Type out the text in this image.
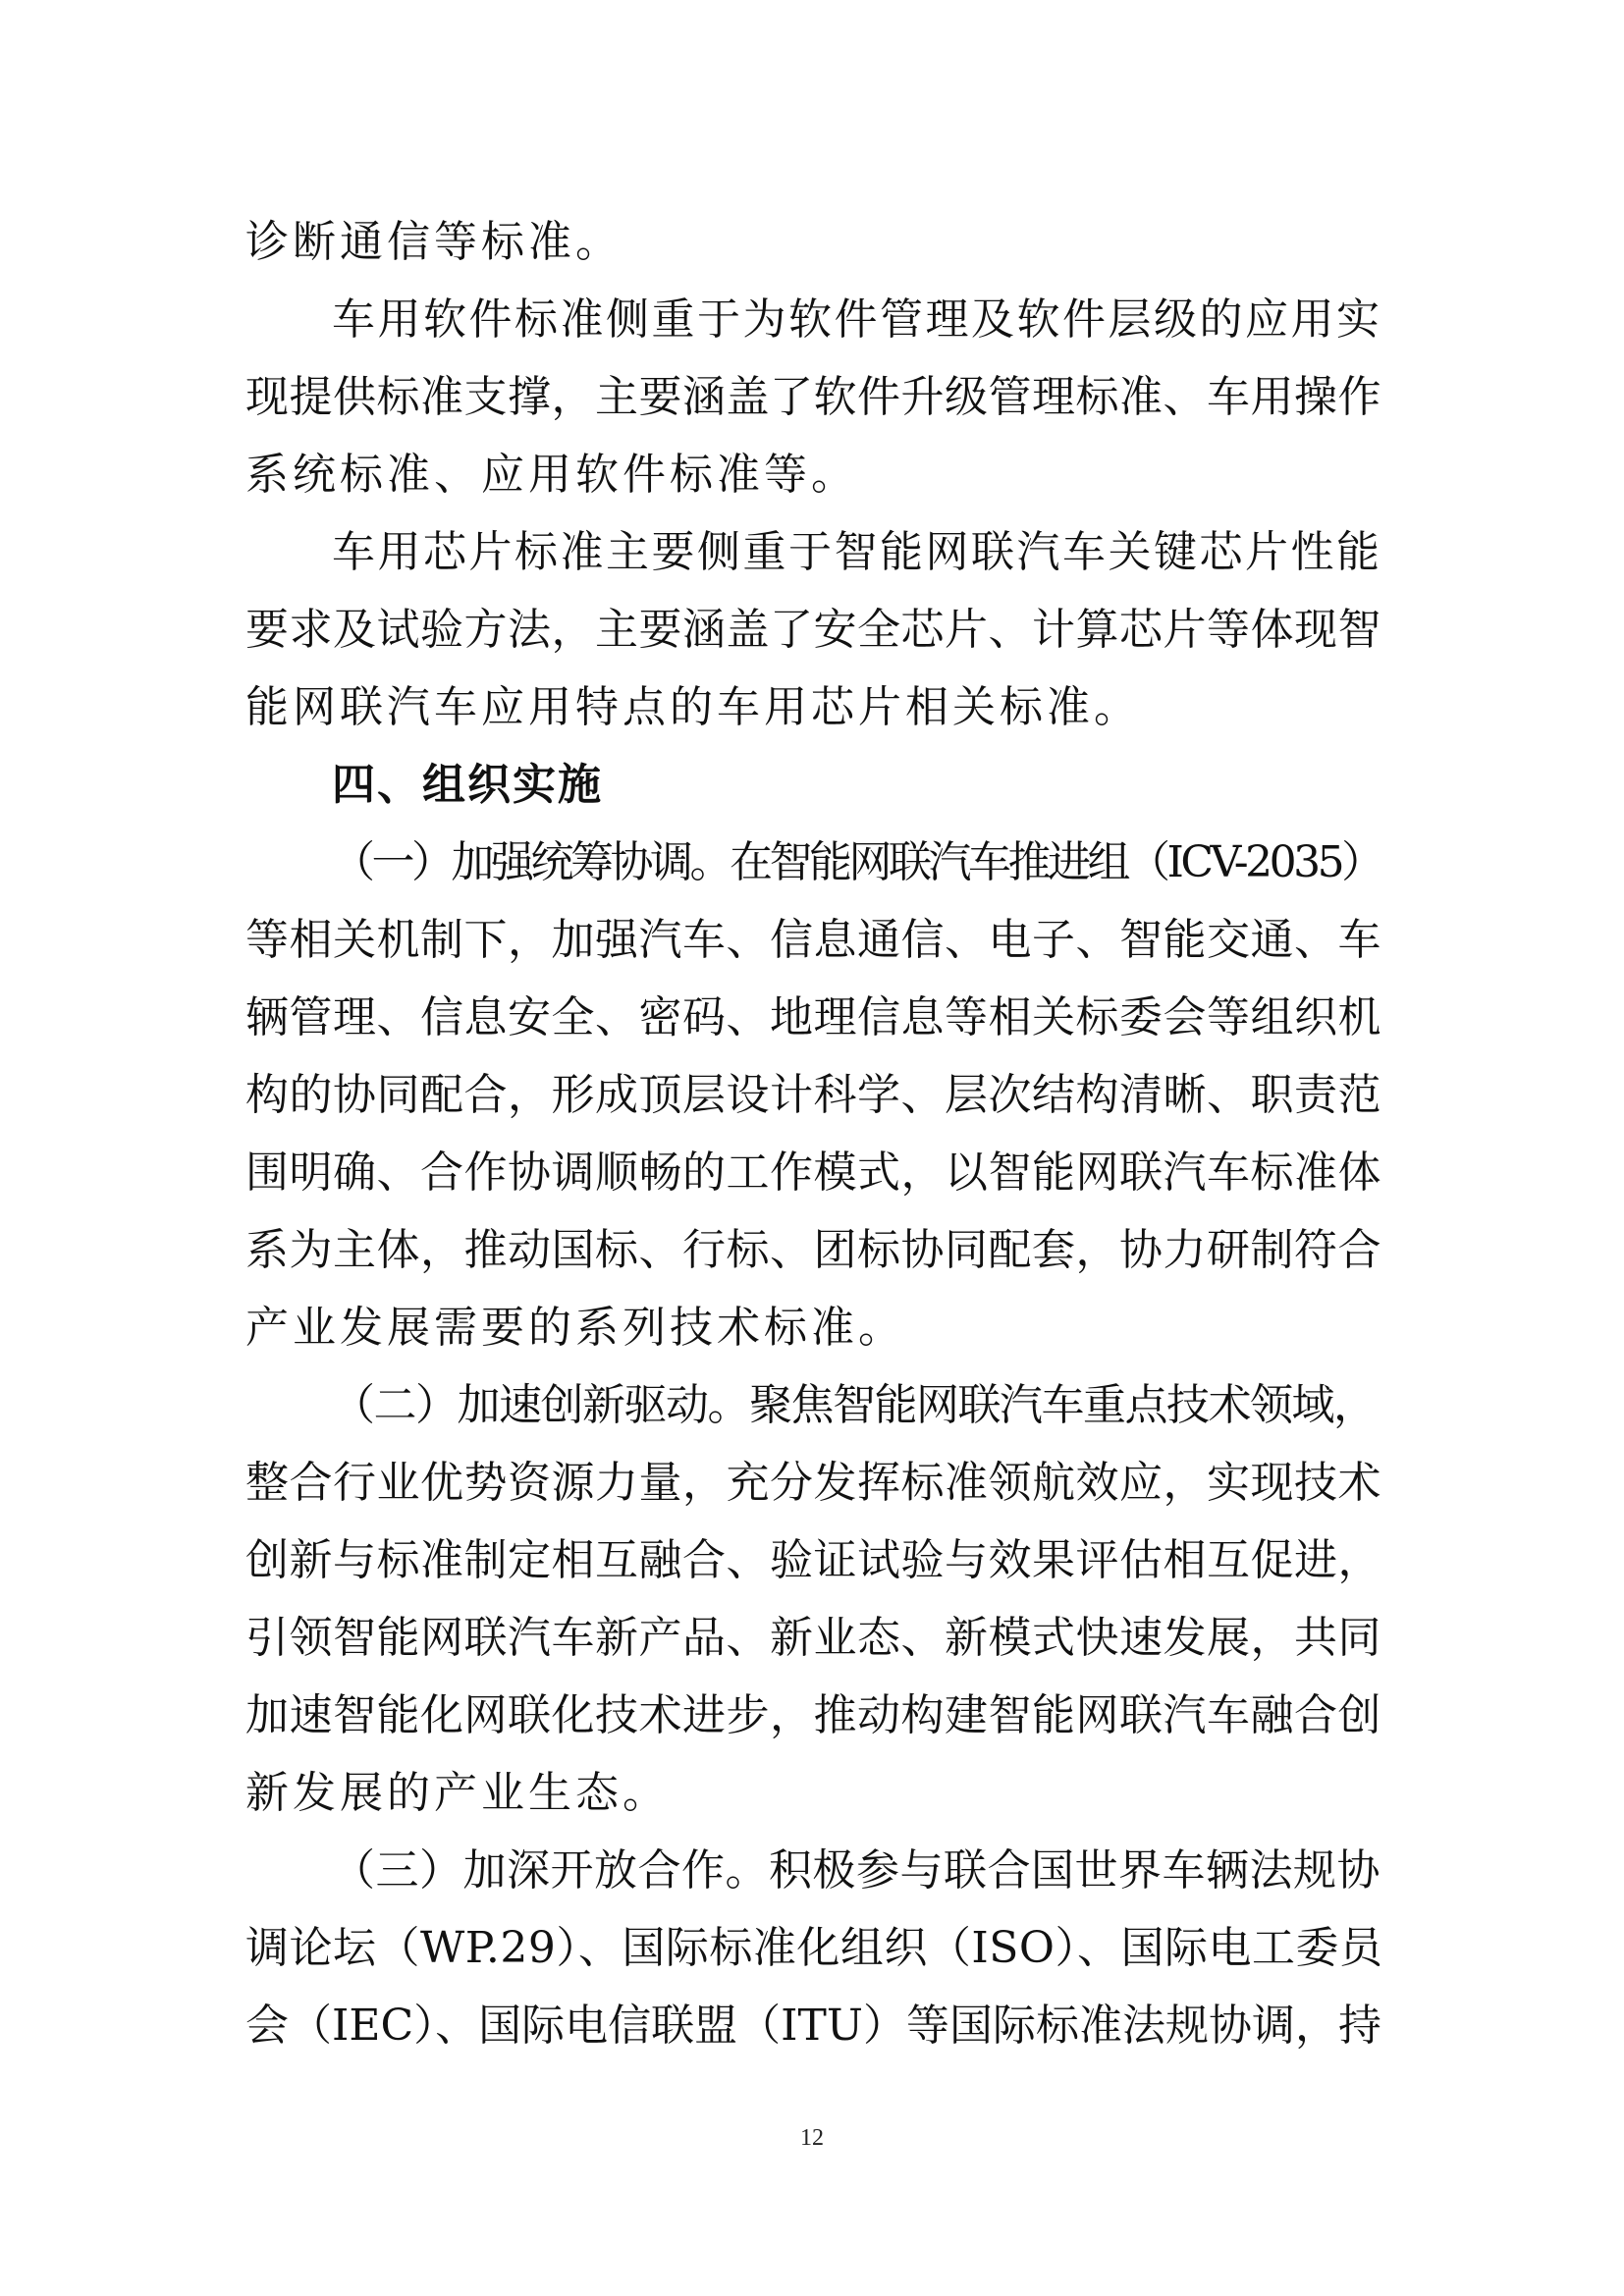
诊断通信等标准。
车用软件标准侧重于为软件管理及软件层级的应用实
现提供标准支撑，主要涵盖了软件升级管理标准、车用操作
系统标准、应用软件标准等。
车用芯片标准主要侧重于智能网联汽车关键芯片性能
要求及试验方法，主要涵盖了安全芯片、计算芯片等体现智
能网联汽车应用特点的车用芯片相关标准。
四、组织实施
（一）加强统筹协调。在智能网联汽车推进组（ICV-2035）
等相关机制下，加强汽车、信息通信、电子、智能交通、车
辆管理、信息安全、密码、地理信息等相关标委会等组织机
构的协同配合，形成顶层设计科学、层次结构清晰、职责范
围明确、合作协调顺畅的工作模式，以智能网联汽车标准体
系为主体，推动国标、行标、团标协同配套，协力研制符合
产业发展需要的系列技术标准。
（二）加速创新驱动。聚焦智能网联汽车重点技术领域，
整合行业优势资源力量，充分发挥标准领航效应，实现技术
创新与标准制定相互融合、验证试验与效果评估相互促进，
引领智能网联汽车新产品、新业态、新模式快速发展，共同
加速智能化网联化技术进步，推动构建智能网联汽车融合创
新发展的产业生态。
（三）加深开放合作。积极参与联合国世界车辆法规协
调论坛（WP.29）、国际标准化组织（ISO）、国际电工委员
会（IEC）、国际电信联盟（ITU）等国际标准法规协调，持
12
